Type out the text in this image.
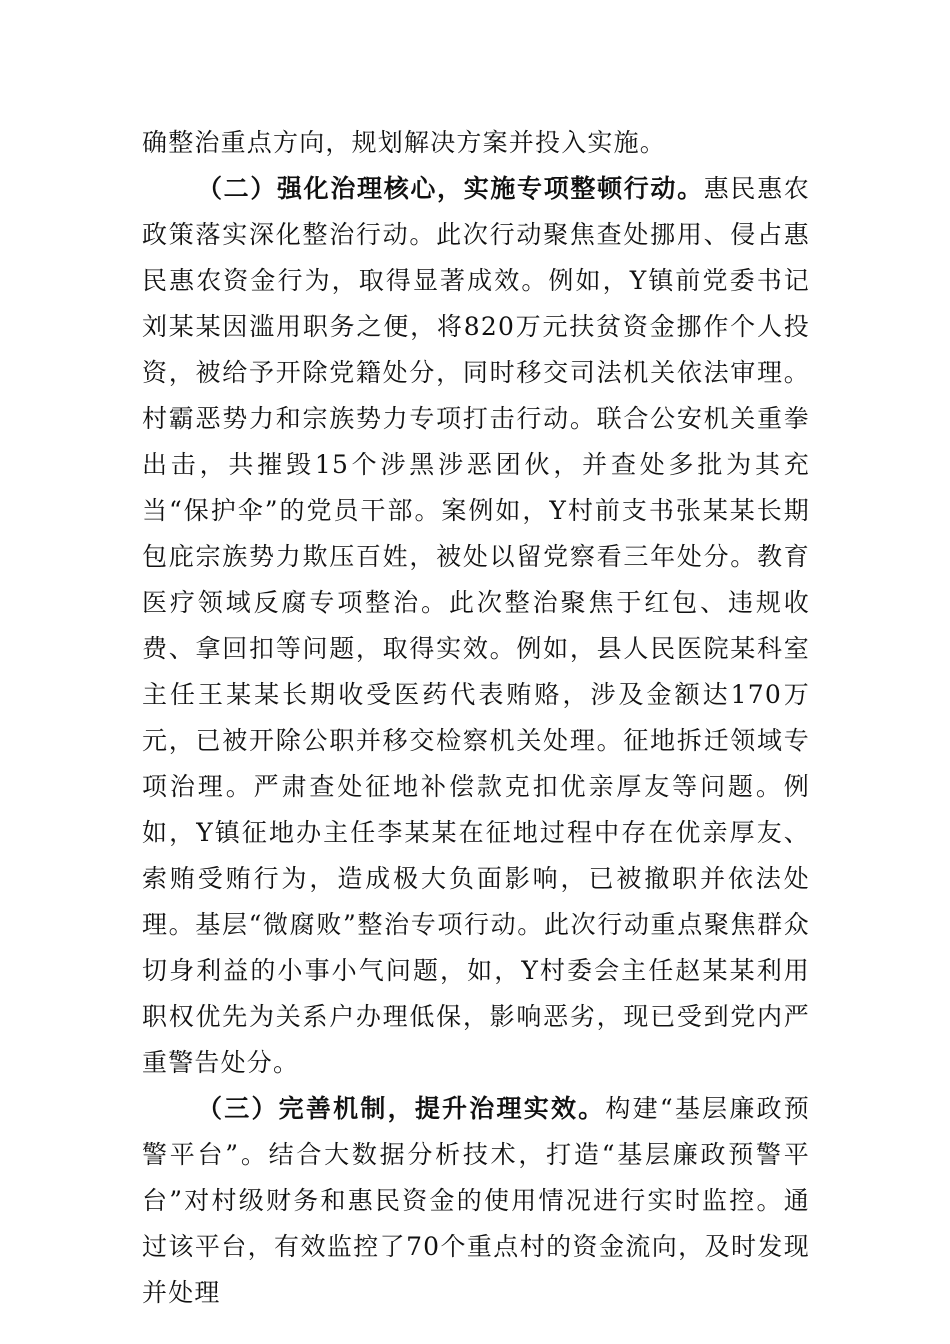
确整治重点方向，规划解决方案并投入实施。

（二）强化治理核心，实施专项整顿行动。惠民惠农政策落实深化整治行动。此次行动聚焦查处挪用、侵占惠民惠农资金行为，取得显著成效。例如，Y镇前党委书记刘某某因滥用职务之便，将820万元扶贫资金挪作个人投资，被给予开除党籍处分，同时移交司法机关依法审理。村霸恶势力和宗族势力专项打击行动。联合公安机关重拳出击，共摧毁15个涉黑涉恶团伙，并查处多批为其充当“保护伞”的党员干部。案例如，Y村前支书张某某长期包庇宗族势力欺压百姓，被处以留党察看三年处分。教育医疗领域反腐专项整治。此次整治聚焦于红包、违规收费、拿回扣等问题，取得实效。例如，县人民医院某科室主任王某某长期收受医药代表贿赂，涉及金额达170万元，已被开除公职并移交检察机关处理。征地拆迁领域专项治理。严肃查处征地补偿款克扣优亲厚友等问题。例如，Y镇征地办主任李某某在征地过程中存在优亲厚友、索贿受贿行为，造成极大负面影响，已被撤职并依法处理。基层“微腐败”整治专项行动。此次行动重点聚焦群众切身利益的小事小气问题，如，Y村委会主任赵某某利用职权优先为关系户办理低保，影响恶劣，现已受到党内严重警告处分。

（三）完善机制，提升治理实效。构建“基层廉政预警平台”。结合大数据分析技术，打造“基层廉政预警平台”对村级财务和惠民资金的使用情况进行实时监控。通过该平台，有效监控了70个重点村的资金流向，及时发现并处理
